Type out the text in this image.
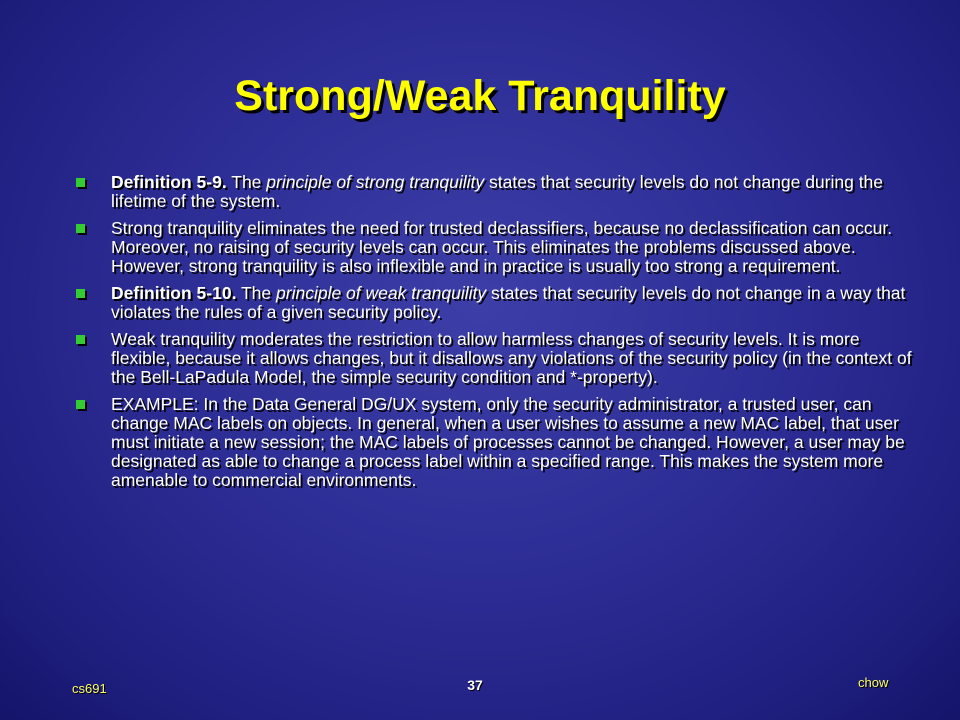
Strong/Weak Tranquility
Definition 5-9. The principle of strong tranquility states that security levels do not change during the lifetime of the system.
Strong tranquility eliminates the need for trusted declassifiers, because no declassification can occur. Moreover, no raising of security levels can occur. This eliminates the problems discussed above. However, strong tranquility is also inflexible and in practice is usually too strong a requirement.
Definition 5-10. The principle of weak tranquility states that security levels do not change in a way that violates the rules of a given security policy.
Weak tranquility moderates the restriction to allow harmless changes of security levels. It is more flexible, because it allows changes, but it disallows any violations of the security policy (in the context of the Bell-LaPadula Model, the simple security condition and *-property).
EXAMPLE: In the Data General DG/UX system, only the security administrator, a trusted user, can change MAC labels on objects. In general, when a user wishes to assume a new MAC label, that user must initiate a new session; the MAC labels of processes cannot be changed. However, a user may be designated as able to change a process label within a specified range. This makes the system more amenable to commercial environments.
cs691	37	chow
